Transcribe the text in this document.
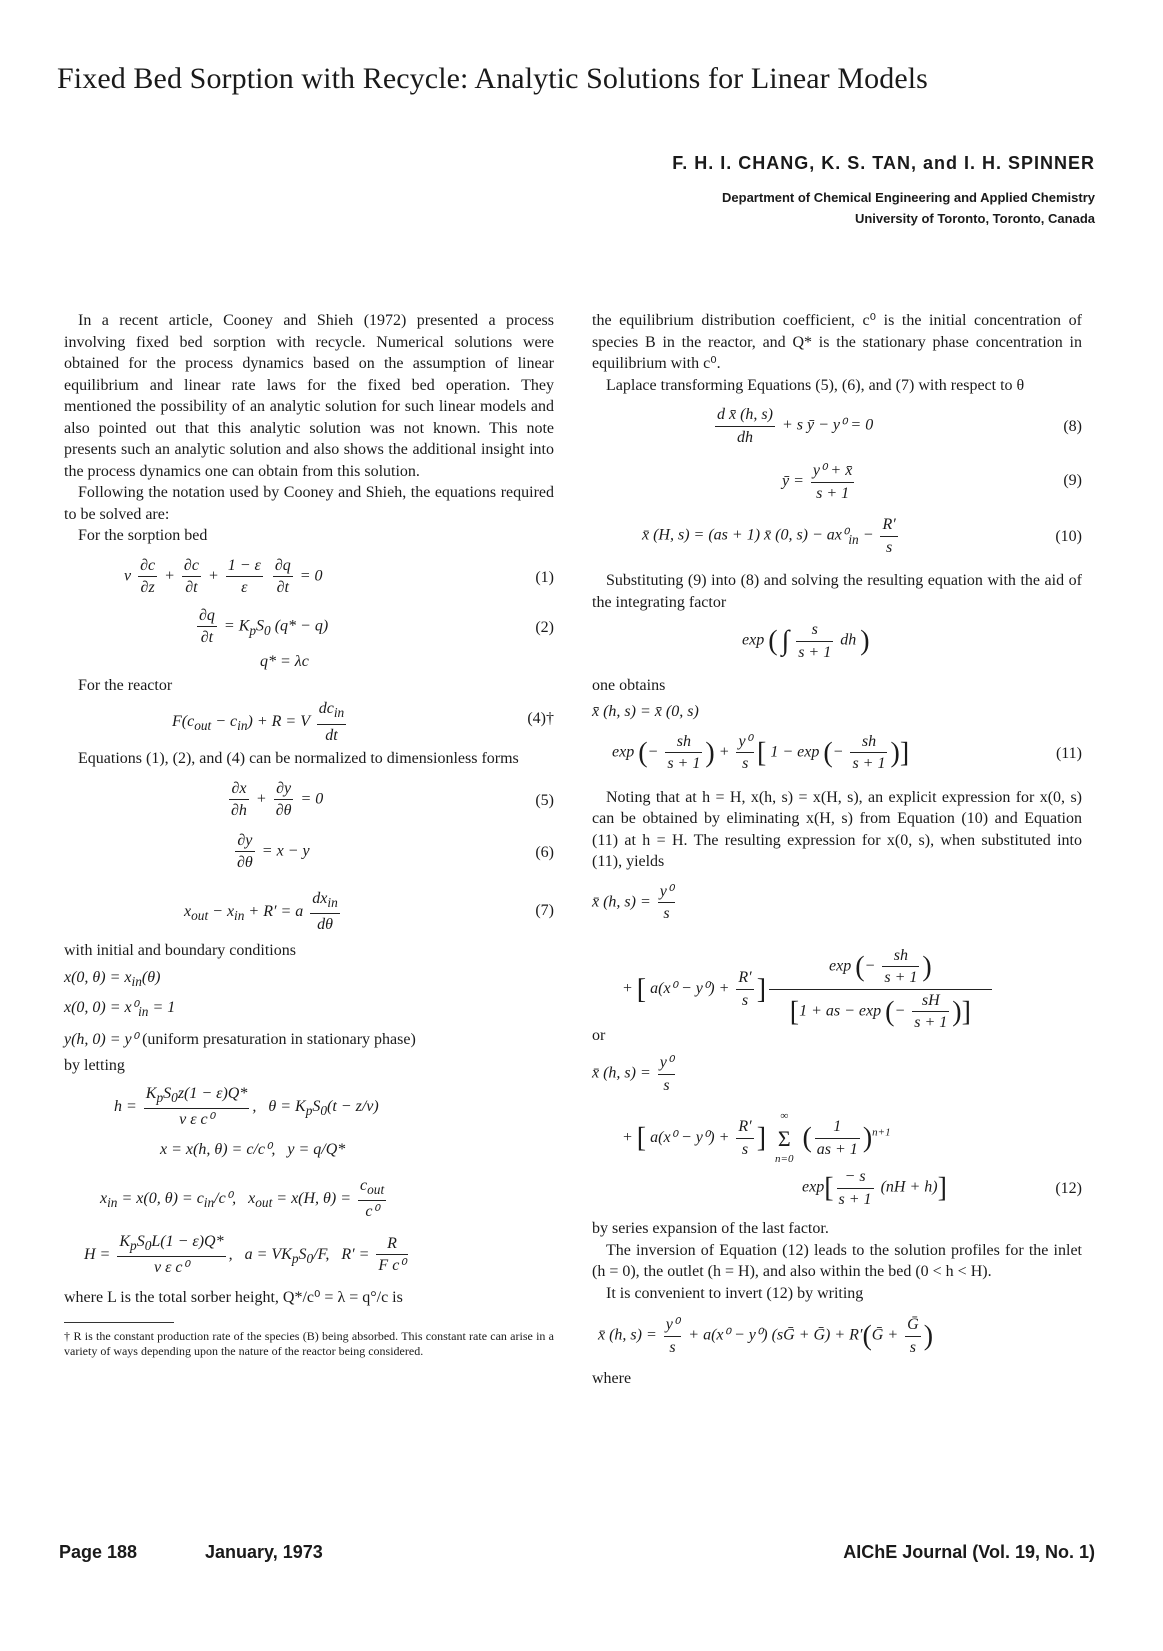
Fixed Bed Sorption with Recycle: Analytic Solutions for Linear Models
F. H. I. CHANG, K. S. TAN, and I. H. SPINNER
Department of Chemical Engineering and Applied Chemistry
University of Toronto, Toronto, Canada

In a recent article, Cooney and Shieh (1972) presented a process involving fixed bed sorption with recycle. Numerical solutions were obtained for the process dynamics based on the assumption of linear equilibrium and linear rate laws for the fixed bed operation. They mentioned the possibility of an analytic solution for such linear models and also pointed out that this analytic solution was not known. This note presents such an analytic solution and also shows the additional insight into the process dynamics one can obtain from this solution.

Following the notation used by Cooney and Shieh, the equations required to be solved are:

For the sorption bed

v $\frac{\partial c}{\partial z} + \frac{\partial c}{\partial t} + \frac{1 - \varepsilon}{\varepsilon}$
$\frac{\partial q}{\partial t} = 0$	(1)
$\frac{\partial q}{\partial t} = K_pS_0$ (q* − q)	(2)
q* = λc

For the reactor

$F(c_{out} - c_{in}) + R = V \frac{dc_{in}}{dt}$	(4)†

Equations (1), (2), and (4) can be normalized to dimensionless forms

$\frac{\partial x}{\partial h} + \frac{\partial y}{\partial\theta} = 0$	(5)
$\frac{\partial y}{\partial\theta} = x - y$	(6)
$x_{out} - x_{in} + R' = a \frac{dx_{in}}{d\theta}$	(7)

with initial and boundary conditions

x(0, $\theta) = x_{in}(\theta)$
x(0, $0) = x^0_{in} = 1$
y(h, 0) = y⁰ (uniform presaturation in stationary phase)

by letting

$h = \frac{K_pS_0z(1 - \varepsilon)Q*}{\text{v ε c⁰}}$ ,   $\theta = K_pS_0(t - z/v)$
x = x(h, θ) = c/c⁰,   y = q/Q*
$x_{in} = x(0$, $\theta) = c_{in}/c^0$,   $x_{out} = x(H$, $\theta) = \frac{c_{out}}{\text{c⁰}}$
$H = \frac{K_pS_0L(1 - \varepsilon)Q*}{\text{v ε c⁰}}$ ,   $a = VK_pS_0/F$,   $R' = \frac{R}{\text{F c⁰}}$

where L is the total sorber height, Q*/c⁰ = λ = q°/c is

† R is the constant production rate of the species (B) being absorbed. This constant rate can arise in a variety of ways depending upon the nature of the reactor being considered.

the equilibrium distribution coefficient, c⁰ is the initial concentration of species B in the reactor, and Q* is the stationary phase concentration in equilibrium with c⁰.

Laplace transforming Equations (5), (6), and (7) with respect to θ

$\frac{\text{d x̄ (h, s)}}{dh} + s$ ȳ − y⁰ = 0	(8)
ȳ = $\frac{\text{y⁰ + x̄}}{s + 1}$	(9)
x̄ (H, s) = (as + 1) x̄ (0, $s) - ax^0_{in} - \frac{R'}{s}$	(10)

Substituting (9) into (8) and solving the resulting equation with the aid of the integrating factor

exp ( ∫ $\frac{s}{s + 1}$ dh )

one obtains

x̄ (h, s) = x̄ (0, s)
exp (− $\frac{sh}{s + 1}$ ) + $\frac{\text{y⁰}}{s}$ [ 1 − exp (− $\frac{sh}{s + 1}$ )]	(11)

Noting that at h = H, x(h, s) = x(H, s), an explicit expression for x(0, s) can be obtained by eliminating x(H, s) from Equation (10) and Equation (11) at h = H. The resulting expression for x(0, s), when substituted into (11), yields

x̄ (h, $s) = \frac{\text{y⁰}}{s}$
+ [ $a(x^0 - y^0) + \frac{R'}{s}$ ] $\frac{\exp (- \frac{sh}{s + 1} )}{[1 + as - \exp (- \frac{sH}{s + 1} )]}$

or

x̄ (h, $s) = \frac{\text{y⁰}}{s}$
+ [ $a(x^0 - y^0) + \frac{R'}{s}$ ]
∞
Σ
n=0
( $\frac{1}{as + 1} )^{n+1}$
$\exp[ \frac{- s}{s + 1} (nH + h)]$	(12)

by series expansion of the last factor.

The inversion of Equation (12) leads to the solution profiles for the inlet (h = 0), the outlet (h = H), and also within the bed (0 < h < H).

It is convenient to invert (12) by writing

x̄ (h, $s) = \frac{\text{y⁰}}{s} + a(x^0 - y^0)$ (sḠ + Ḡ) + R′(Ḡ + $\frac{\text{Ḡ}}{s}$ )

where

Page 188	January, 1973	AIChE Journal (Vol. 19, No. 1)
